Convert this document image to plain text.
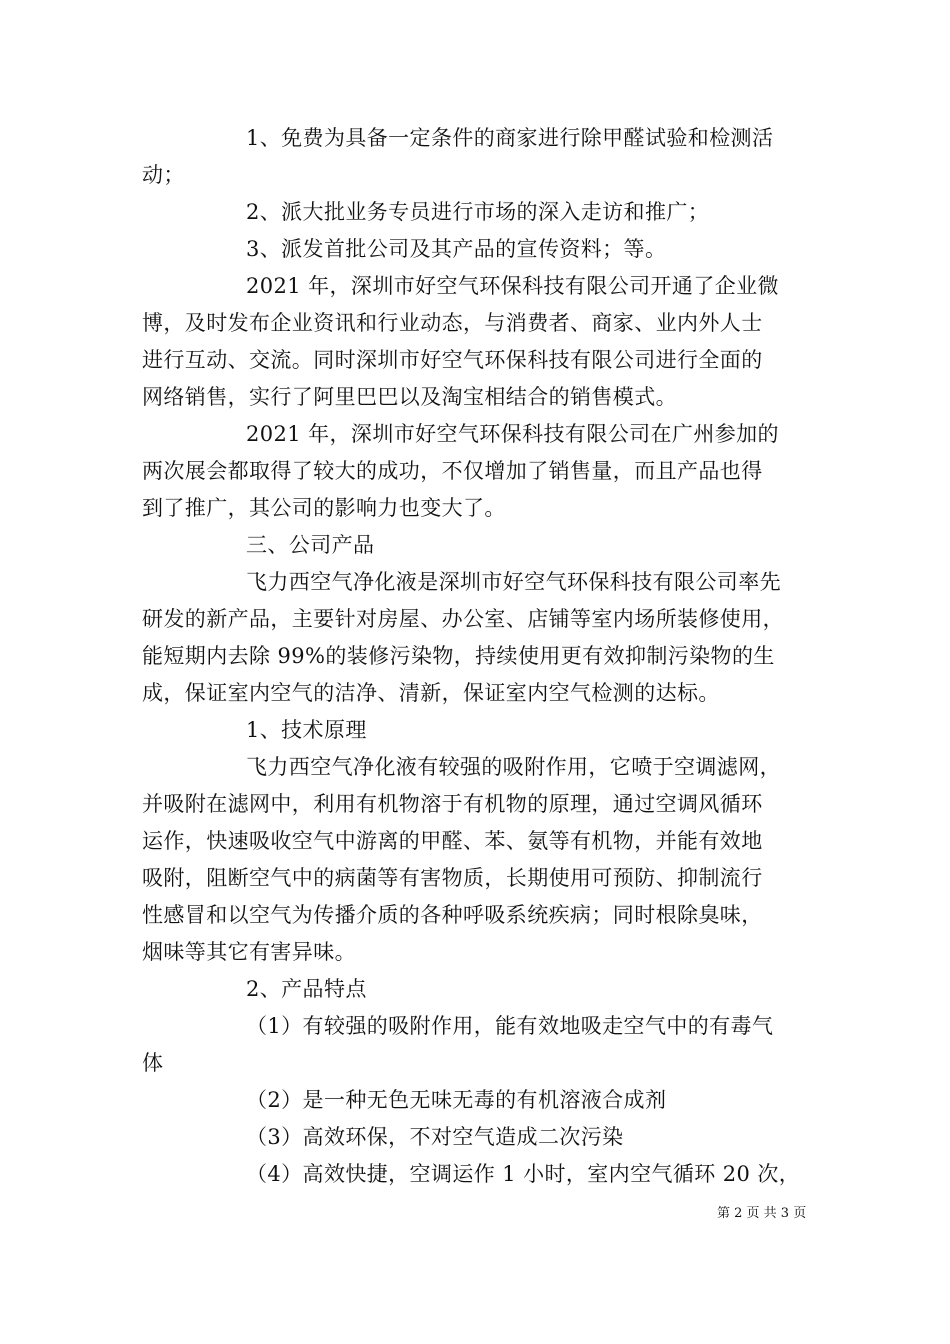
1、免费为具备一定条件的商家进行除甲醛试验和检测活
动；
2、派大批业务专员进行市场的深入走访和推广；
3、派发首批公司及其产品的宣传资料；等。
2021 年，深圳市好空气环保科技有限公司开通了企业微
博，及时发布企业资讯和行业动态，与消费者、商家、业内外人士
进行互动、交流。同时深圳市好空气环保科技有限公司进行全面的
网络销售，实行了阿里巴巴以及淘宝相结合的销售模式。
2021 年，深圳市好空气环保科技有限公司在广州参加的
两次展会都取得了较大的成功，不仅增加了销售量，而且产品也得
到了推广，其公司的影响力也变大了。
三、公司产品
飞力西空气净化液是深圳市好空气环保科技有限公司率先
研发的新产品，主要针对房屋、办公室、店铺等室内场所装修使用，
能短期内去除 99%的装修污染物，持续使用更有效抑制污染物的生
成，保证室内空气的洁净、清新，保证室内空气检测的达标。
1、技术原理
飞力西空气净化液有较强的吸附作用，它喷于空调滤网，
并吸附在滤网中，利用有机物溶于有机物的原理，通过空调风循环
运作，快速吸收空气中游离的甲醛、苯、氨等有机物，并能有效地
吸附，阻断空气中的病菌等有害物质，长期使用可预防、抑制流行
性感冒和以空气为传播介质的各种呼吸系统疾病；同时根除臭味，
烟味等其它有害异味。
2、产品特点
（1）有较强的吸附作用，能有效地吸走空气中的有毒气
体
（2）是一种无色无味无毒的有机溶液合成剂
（3）高效环保，不对空气造成二次污染
（4）高效快捷，空调运作 1 小时，室内空气循环 20 次，
第 2 页 共 3 页
